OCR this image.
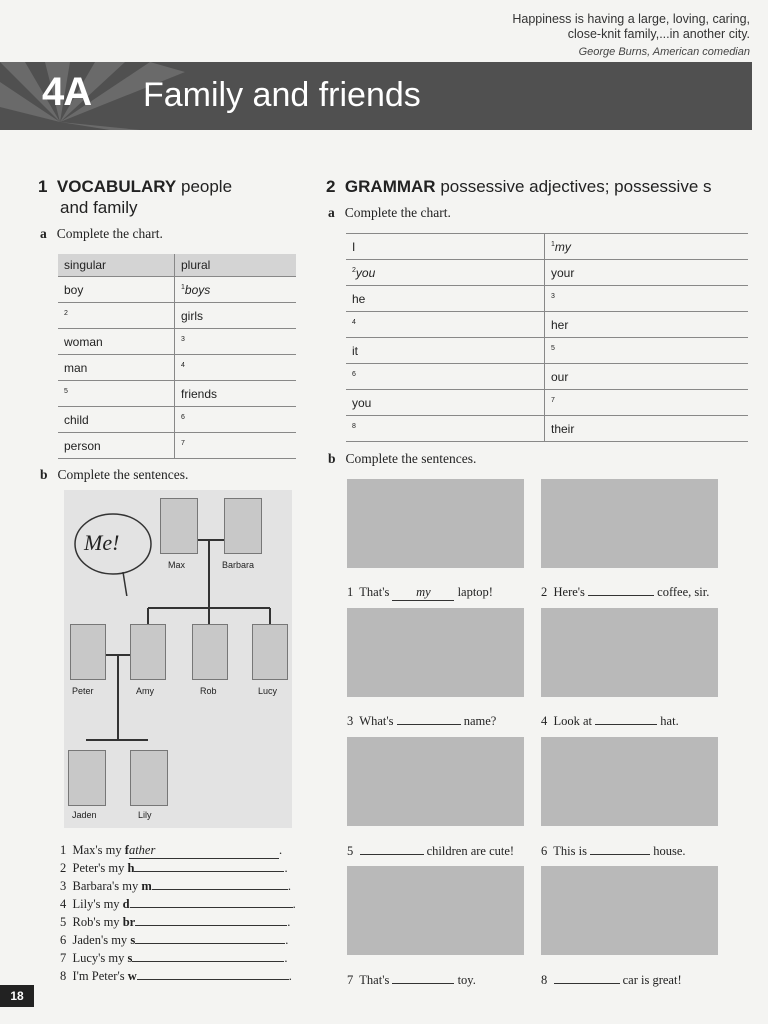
Happiness is having a large, loving, caring,
close-knit family,...in another city.
George Burns, American comedian
4A Family and friends
1 VOCABULARY people
and family
a Complete the chart.
singular	plural
boy	$^1$boys
$^2$	girls
woman	$^3$
man	$^4$
$^5$	friends
child	$^6$
person	$^7$
b Complete the sentences.
Me!
Max	Barbara
Peter	Amy	Rob	Lucy
Jaden	Lily
1 Max's my father	.
2 Peter's my h	.
3 Barbara's my m	.
4 Lily's my d	.
5 Rob's my br	.
6 Jaden's my s	.
7 Lucy's my s	.
8 I'm Peter's w	.
2 GRAMMAR possessive adjectives; possessive s
a Complete the chart.
I	$^1$my
$^2$you	your
he	$^3$
$^4$	her
it	$^5$
$^6$	our
you	$^7$
$^8$	their
b Complete the sentences.
1 That's my laptop!	2 Here's	coffee, sir.
3 What's	name?	4 Look at	hat.
5	children are cute! 6 This is	house.
7 That's	toy.	8	car is great!
18
